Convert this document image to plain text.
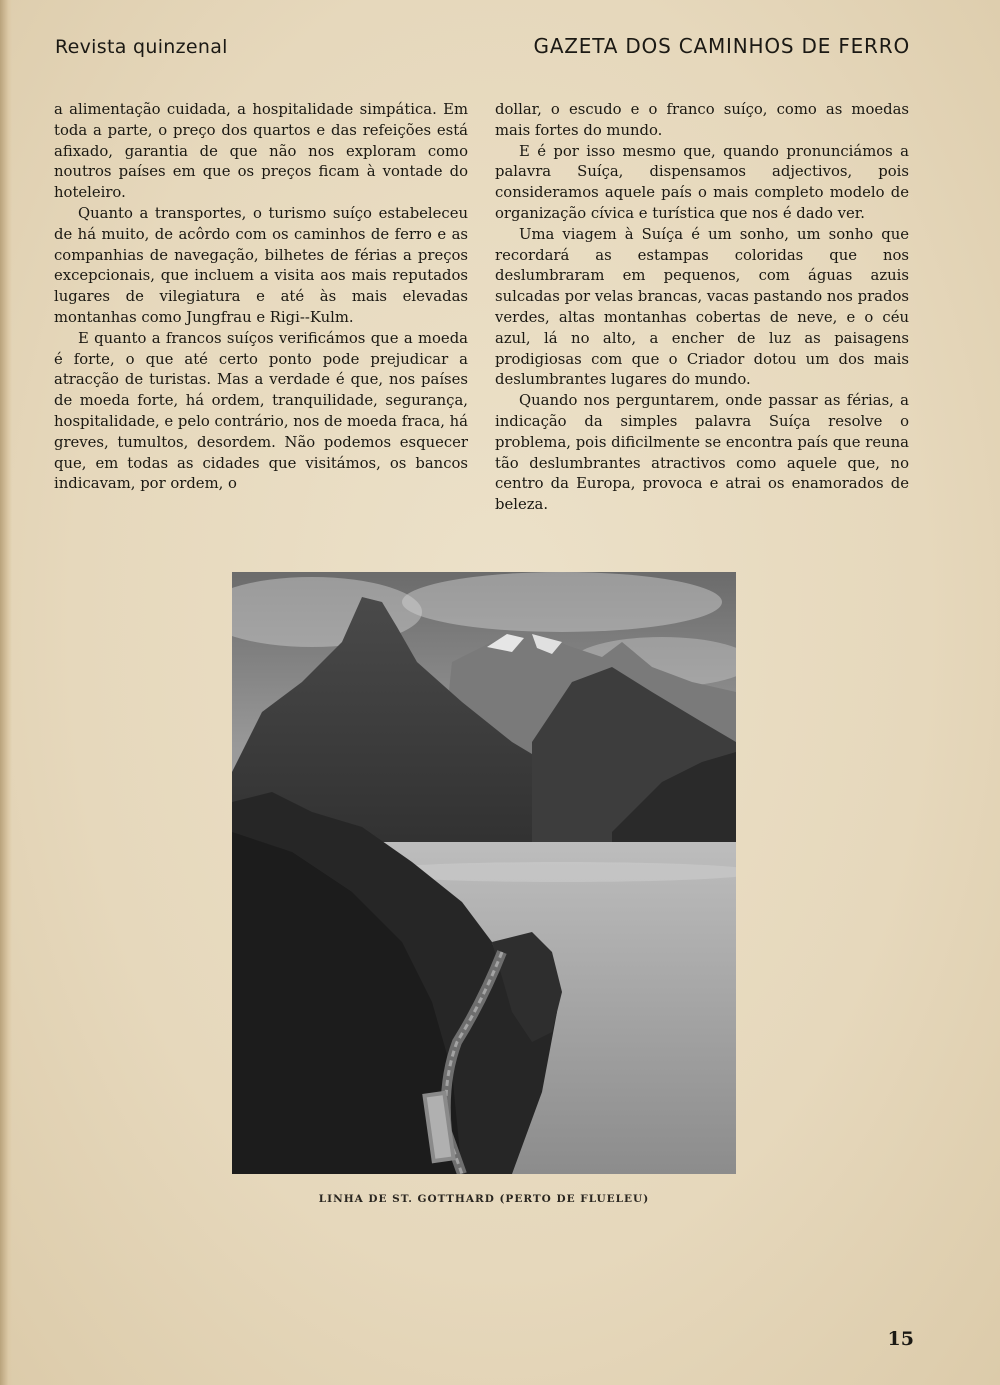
Revista quinzenal	GAZETA DOS CAMINHOS DE FERRO

a alimentação cuidada, a hospitalidade simpática. Em toda a parte, o preço dos quartos e das refeições está afixado, garantia de que não nos exploram como noutros países em que os preços ficam à vontade do hoteleiro.

Quanto a transportes, o turismo suíço estabeleceu de há muito, de acôrdo com os caminhos de ferro e as companhias de navegação, bilhetes de férias a preços excepcionais, que incluem a visita aos mais reputados lugares de vilegiatura e até às mais elevadas montanhas como Jungfrau e Rigi--Kulm.

E quanto a francos suíços verificámos que a moeda é forte, o que até certo ponto pode prejudicar a atracção de turistas. Mas a verdade é que, nos países de moeda forte, há ordem, tranquilidade, segurança, hospitalidade, e pelo contrário, nos de moeda fraca, há greves, tumultos, desordem. Não podemos esquecer que, em todas as cidades que visitámos, os bancos indicavam, por ordem, o

dollar, o escudo e o franco suíço, como as moedas mais fortes do mundo.

E é por isso mesmo que, quando pronunciámos a palavra Suíça, dispensamos adjectivos, pois consideramos aquele país o mais completo modelo de organização cívica e turística que nos é dado ver.

Uma viagem à Suíça é um sonho, um sonho que recordará as estampas coloridas que nos deslumbraram em pequenos, com águas azuis sulcadas por velas brancas, vacas pastando nos prados verdes, altas montanhas cobertas de neve, e o céu azul, lá no alto, a encher de luz as paisagens prodigiosas com que o Criador dotou um dos mais deslumbrantes lugares do mundo.

Quando nos perguntarem, onde passar as férias, a indicação da simples palavra Suíça resolve o problema, pois dificilmente se encontra país que reuna tão deslumbrantes atractivos como aquele que, no centro da Europa, provoca e atrai os enamorados de beleza.

LINHA DE ST. GOTTHARD (PERTO DE FLUELEU)
15
